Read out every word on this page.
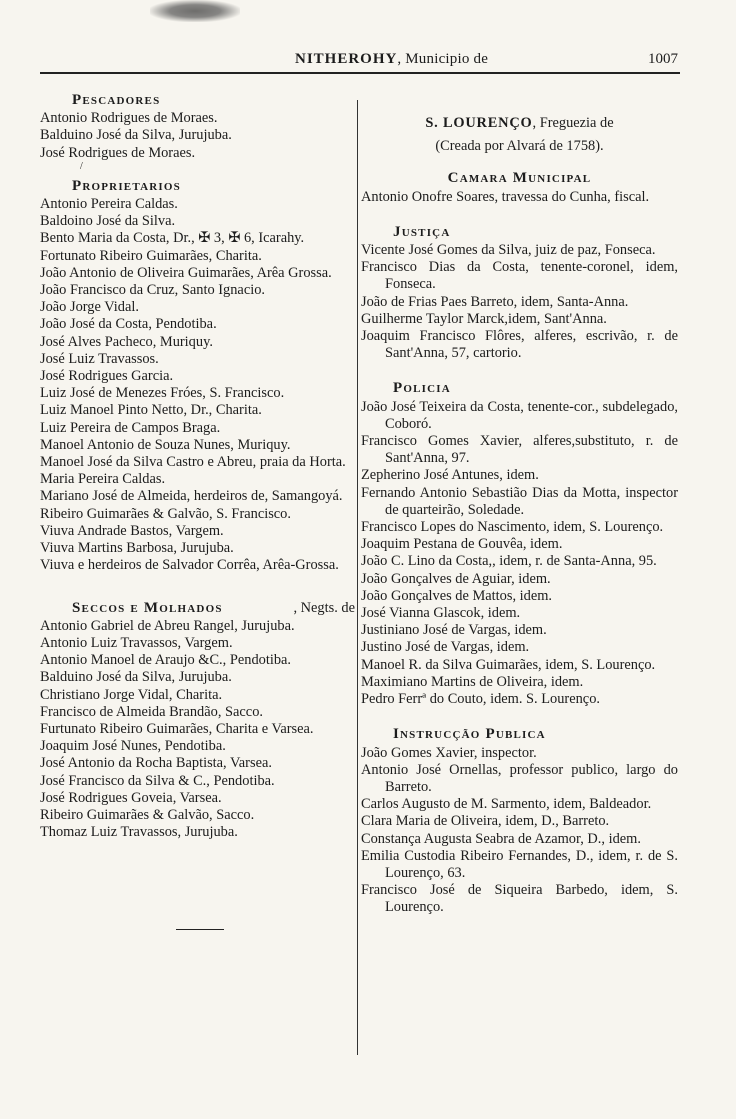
NITHEROHY, Municipio de	1007
Pescadores
Antonio Rodrigues de Moraes.
Balduino José da Silva, Jurujuba.
José Rodrigues de Moraes.
/
Proprietarios
Antonio Pereira Caldas.
Baldoino José da Silva.
Bento Maria da Costa, Dr., ✠ 3, ✠ 6, Icarahy.
Fortunato Ribeiro Guimarães, Charita.
João Antonio de Oliveira Guimarães, Arêa Grossa.
João Francisco da Cruz, Santo Ignacio.
João Jorge Vidal.
João José da Costa, Pendotiba.
José Alves Pacheco, Muriquy.
José Luiz Travassos.
José Rodrigues Garcia.
Luiz José de Menezes Fróes, S. Francisco.
Luiz Manoel Pinto Netto, Dr., Charita.
Luiz Pereira de Campos Braga.
Manoel Antonio de Souza Nunes, Muriquy.
Manoel José da Silva Castro e Abreu, praia da Horta.
Maria Pereira Caldas.
Mariano José de Almeida, herdeiros de, Samangoyá.
Ribeiro Guimarães & Galvão, S. Francisco.
Viuva Andrade Bastos, Vargem.
Viuva Martins Barbosa, Jurujuba.
Viuva e herdeiros de Salvador Corrêa, Arêa-Grossa.
Seccos e Molhados	, Negts. de
Antonio Gabriel de Abreu Rangel, Jurujuba.
Antonio Luiz Travassos, Vargem.
Antonio Manoel de Araujo &C., Pendotiba.
Balduino José da Silva, Jurujuba.
Christiano Jorge Vidal, Charita.
Francisco de Almeida Brandão, Sacco.
Furtunato Ribeiro Guimarães, Charita e Varsea.
Joaquim José Nunes, Pendotiba.
José Antonio da Rocha Baptista, Varsea.
José Francisco da Silva & C., Pendotiba.
José Rodrigues Goveia, Varsea.
Ribeiro Guimarães & Galvão, Sacco.
Thomaz Luiz Travassos, Jurujuba.
S. LOURENÇO, Freguezia de
(Creada por Alvará de 1758).
Camara Municipal
Antonio Onofre Soares, travessa do Cunha, fiscal.
Justiça
Vicente José Gomes da Silva, juiz de paz, Fonseca.
Francisco Dias da Costa, tenente-coronel, idem, Fonseca.
João de Frias Paes Barreto, idem, Santa-Anna.
Guilherme Taylor Marck,idem, Sant'Anna.
Joaquim Francisco Flôres, alferes, escrivão, r. de Sant'Anna, 57, cartorio.
Policia
João José Teixeira da Costa, tenente-cor., subdelegado, Coboró.
Francisco Gomes Xavier, alferes,substituto, r. de Sant'Anna, 97.
Zepherino José Antunes, idem.
Fernando Antonio Sebastião Dias da Motta, inspector de quarteirão, Soledade.
Francisco Lopes do Nascimento, idem, S. Lourenço.
Joaquim Pestana de Gouvêa, idem.
João C. Lino da Costa,, idem, r. de Santa-Anna, 95.
João Gonçalves de Aguiar, idem.
João Gonçalves de Mattos, idem.
José Vianna Glascok, idem.
Justiniano José de Vargas, idem.
Justino José de Vargas, idem.
Manoel R. da Silva Guimarães, idem, S. Lourenço.
Maximiano Martins de Oliveira, idem.
Pedro Ferrª do Couto, idem. S. Lourenço.
Instrucção Publica
João Gomes Xavier, inspector.
Antonio José Ornellas, professor publico, largo do Barreto.
Carlos Augusto de M. Sarmento, idem, Baldeador.
Clara Maria de Oliveira, idem, D., Barreto.
Constança Augusta Seabra de Azamor, D., idem.
Emilia Custodia Ribeiro Fernandes, D., idem, r. de S. Lourenço, 63.
Francisco José de Siqueira Barbedo, idem, S. Lourenço.
